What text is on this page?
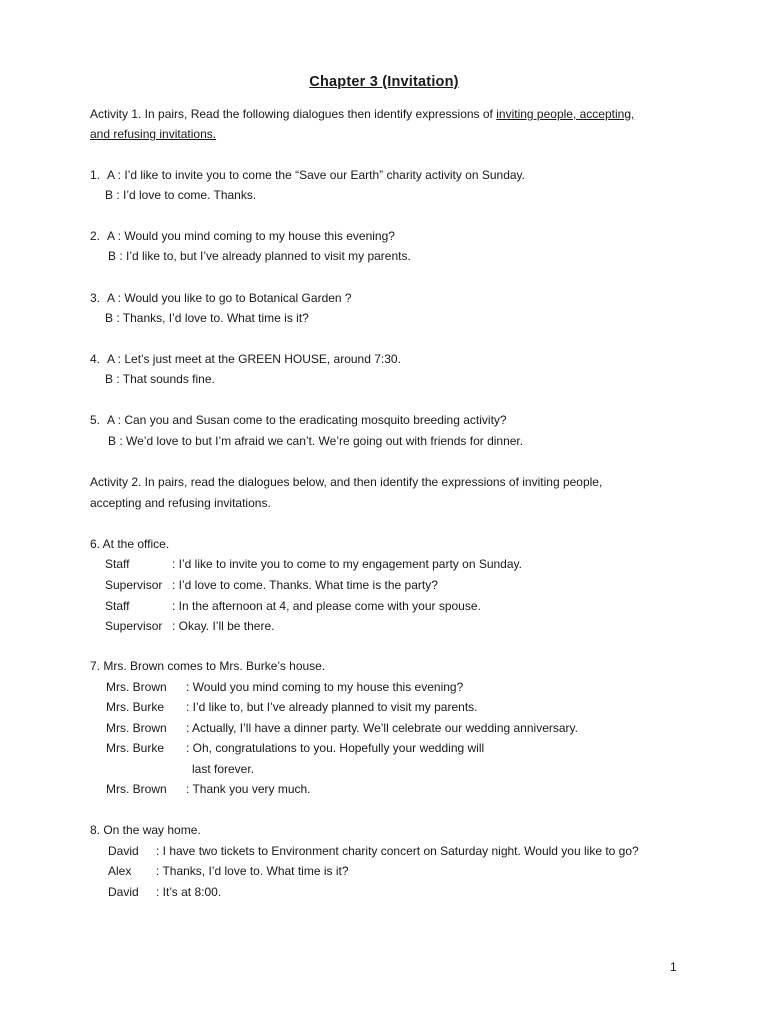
Chapter 3 (Invitation)
Activity 1. In pairs, Read the following dialogues then identify expressions of inviting people, accepting,
and refusing invitations.
1. A : I’d like to invite you to come the “Save our Earth” charity activity on Sunday.
B : I’d love to come. Thanks.
2. A : Would you mind coming to my house this evening?
B : I’d like to, but I’ve already planned to visit my parents.
3. A : Would you like to go to Botanical Garden ?
B : Thanks, I’d love to. What time is it?
4. A : Let’s just meet at the GREEN HOUSE, around 7:30.
B : That sounds fine.
5. A : Can you and Susan come to the eradicating mosquito breeding activity?
B : We’d love to but I’m afraid we can’t. We’re going out with friends for dinner.
Activity 2. In pairs, read the dialogues below, and then identify the expressions of inviting people,
accepting and refusing invitations.
6. At the office.
Staff	: I’d like to invite you to come to my engagement party on Sunday.
Supervisor : I’d love to come. Thanks. What time is the party?
Staff	: In the afternoon at 4, and please come with your spouse.
Supervisor : Okay. I’ll be there.
7. Mrs. Brown comes to Mrs. Burke’s house.
Mrs. Brown : Would you mind coming to my house this evening?
Mrs. Burke : I’d like to, but I’ve already planned to visit my parents.
Mrs. Brown : Actually, I’ll have a dinner party. We’ll celebrate our wedding anniversary.
Mrs. Burke : Oh, congratulations to you. Hopefully your wedding will
last forever.
Mrs. Brown : Thank you very much.
8. On the way home.
David : I have two tickets to Environment charity concert on Saturday night. Would you like to go?
Alex : Thanks, I’d love to. What time is it?
David : It’s at 8:00.
1
